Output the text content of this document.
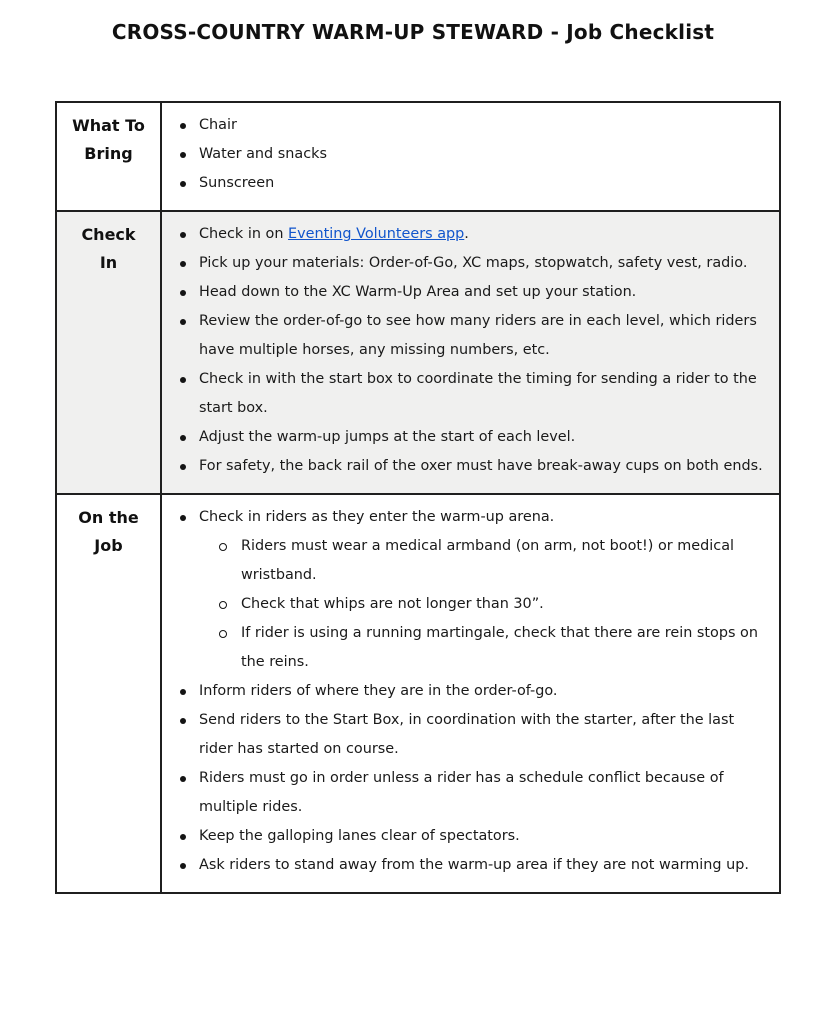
CROSS-COUNTRY WARM-UP STEWARD - Job Checklist
What To
Bring

Chair
Water and snacks
Sunscreen

Check
In

Check in on Eventing Volunteers app.
Pick up your materials: Order-of-Go, XC maps, stopwatch, safety vest, radio.
Head down to the XC Warm-Up Area and set up your station.
Review the order-of-go to see how many riders are in each level, which riders have multiple horses, any missing numbers, etc.
Check in with the start box to coordinate the timing for sending a rider to the start box.
Adjust the warm-up jumps at the start of each level.
For safety, the back rail of the oxer must have break-away cups on both ends.

On the
Job

Check in riders as they enter the warm-up arena.
Riders must wear a medical armband (on arm, not boot!) or medical wristband.
Check that whips are not longer than 30”.
If rider is using a running martingale, check that there are rein stops on the reins.
Inform riders of where they are in the order-of-go.
Send riders to the Start Box, in coordination with the starter, after the last rider has started on course.
Riders must go in order unless a rider has a schedule conflict because of multiple rides.
Keep the galloping lanes clear of spectators.
Ask riders to stand away from the warm-up area if they are not warming up.
